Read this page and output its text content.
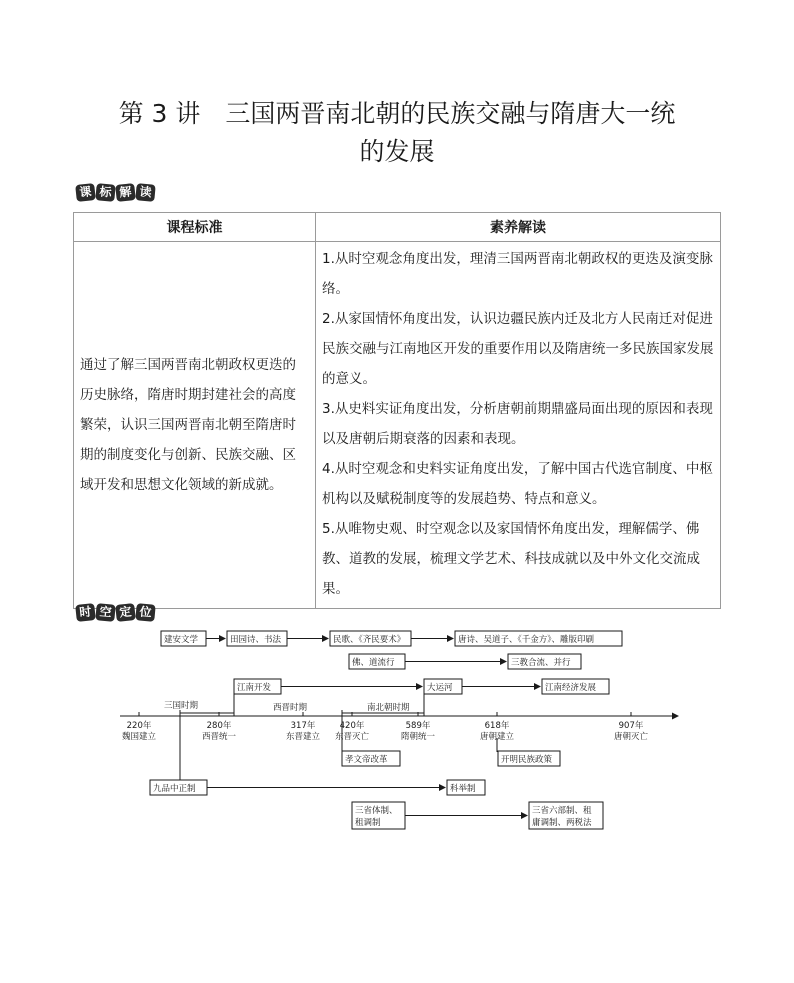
第 3 讲　三国两晋南北朝的民族交融与隋唐大一统
的发展
课 标 解 读
课程标准	素养解读
通过了解三国两晋南北朝政权更迭的历史脉络，隋唐时期封建社会的高度繁荣，认识三国两晋南北朝至隋唐时期的制度变化与创新、民族交融、区域开发和思想文化领域的新成就。	1.从时空观念角度出发，理清三国两晋南北朝政权的更迭及演变脉络。

2.从家国情怀角度出发，认识边疆民族内迁及北方人民南迁对促进民族交融与江南地区开发的重要作用以及隋唐统一多民族国家发展的意义。

3.从史料实证角度出发，分析唐朝前期鼎盛局面出现的原因和表现以及唐朝后期衰落的因素和表现。

4.从时空观念和史料实证角度出发，了解中国古代选官制度、中枢机构以及赋税制度等的发展趋势、特点和意义。

5.从唯物史观、时空观念以及家国情怀角度出发，理解儒学、佛教、道教的发展，梳理文学艺术、科技成就以及中外文化交流成果。

时 空 定 位
建安文学	田园诗、书法	民歌、《齐民要术》	唐诗、吴道子、《千金方》、雕版印刷
佛、道流行	三教合流、并行
江南开发	大运河	江南经济发展
三国时期	西晋时期	南北朝时期
220年
魏国建立
280年
西晋统一
317年
东晋建立
420年
东晋灭亡
589年
隋朝统一
618年
唐朝建立
907年
唐朝灭亡
孝文帝改革	开明民族政策
九品中正制	科举制
三省体制、
租调制
三省六部制、租
庸调制、两税法
